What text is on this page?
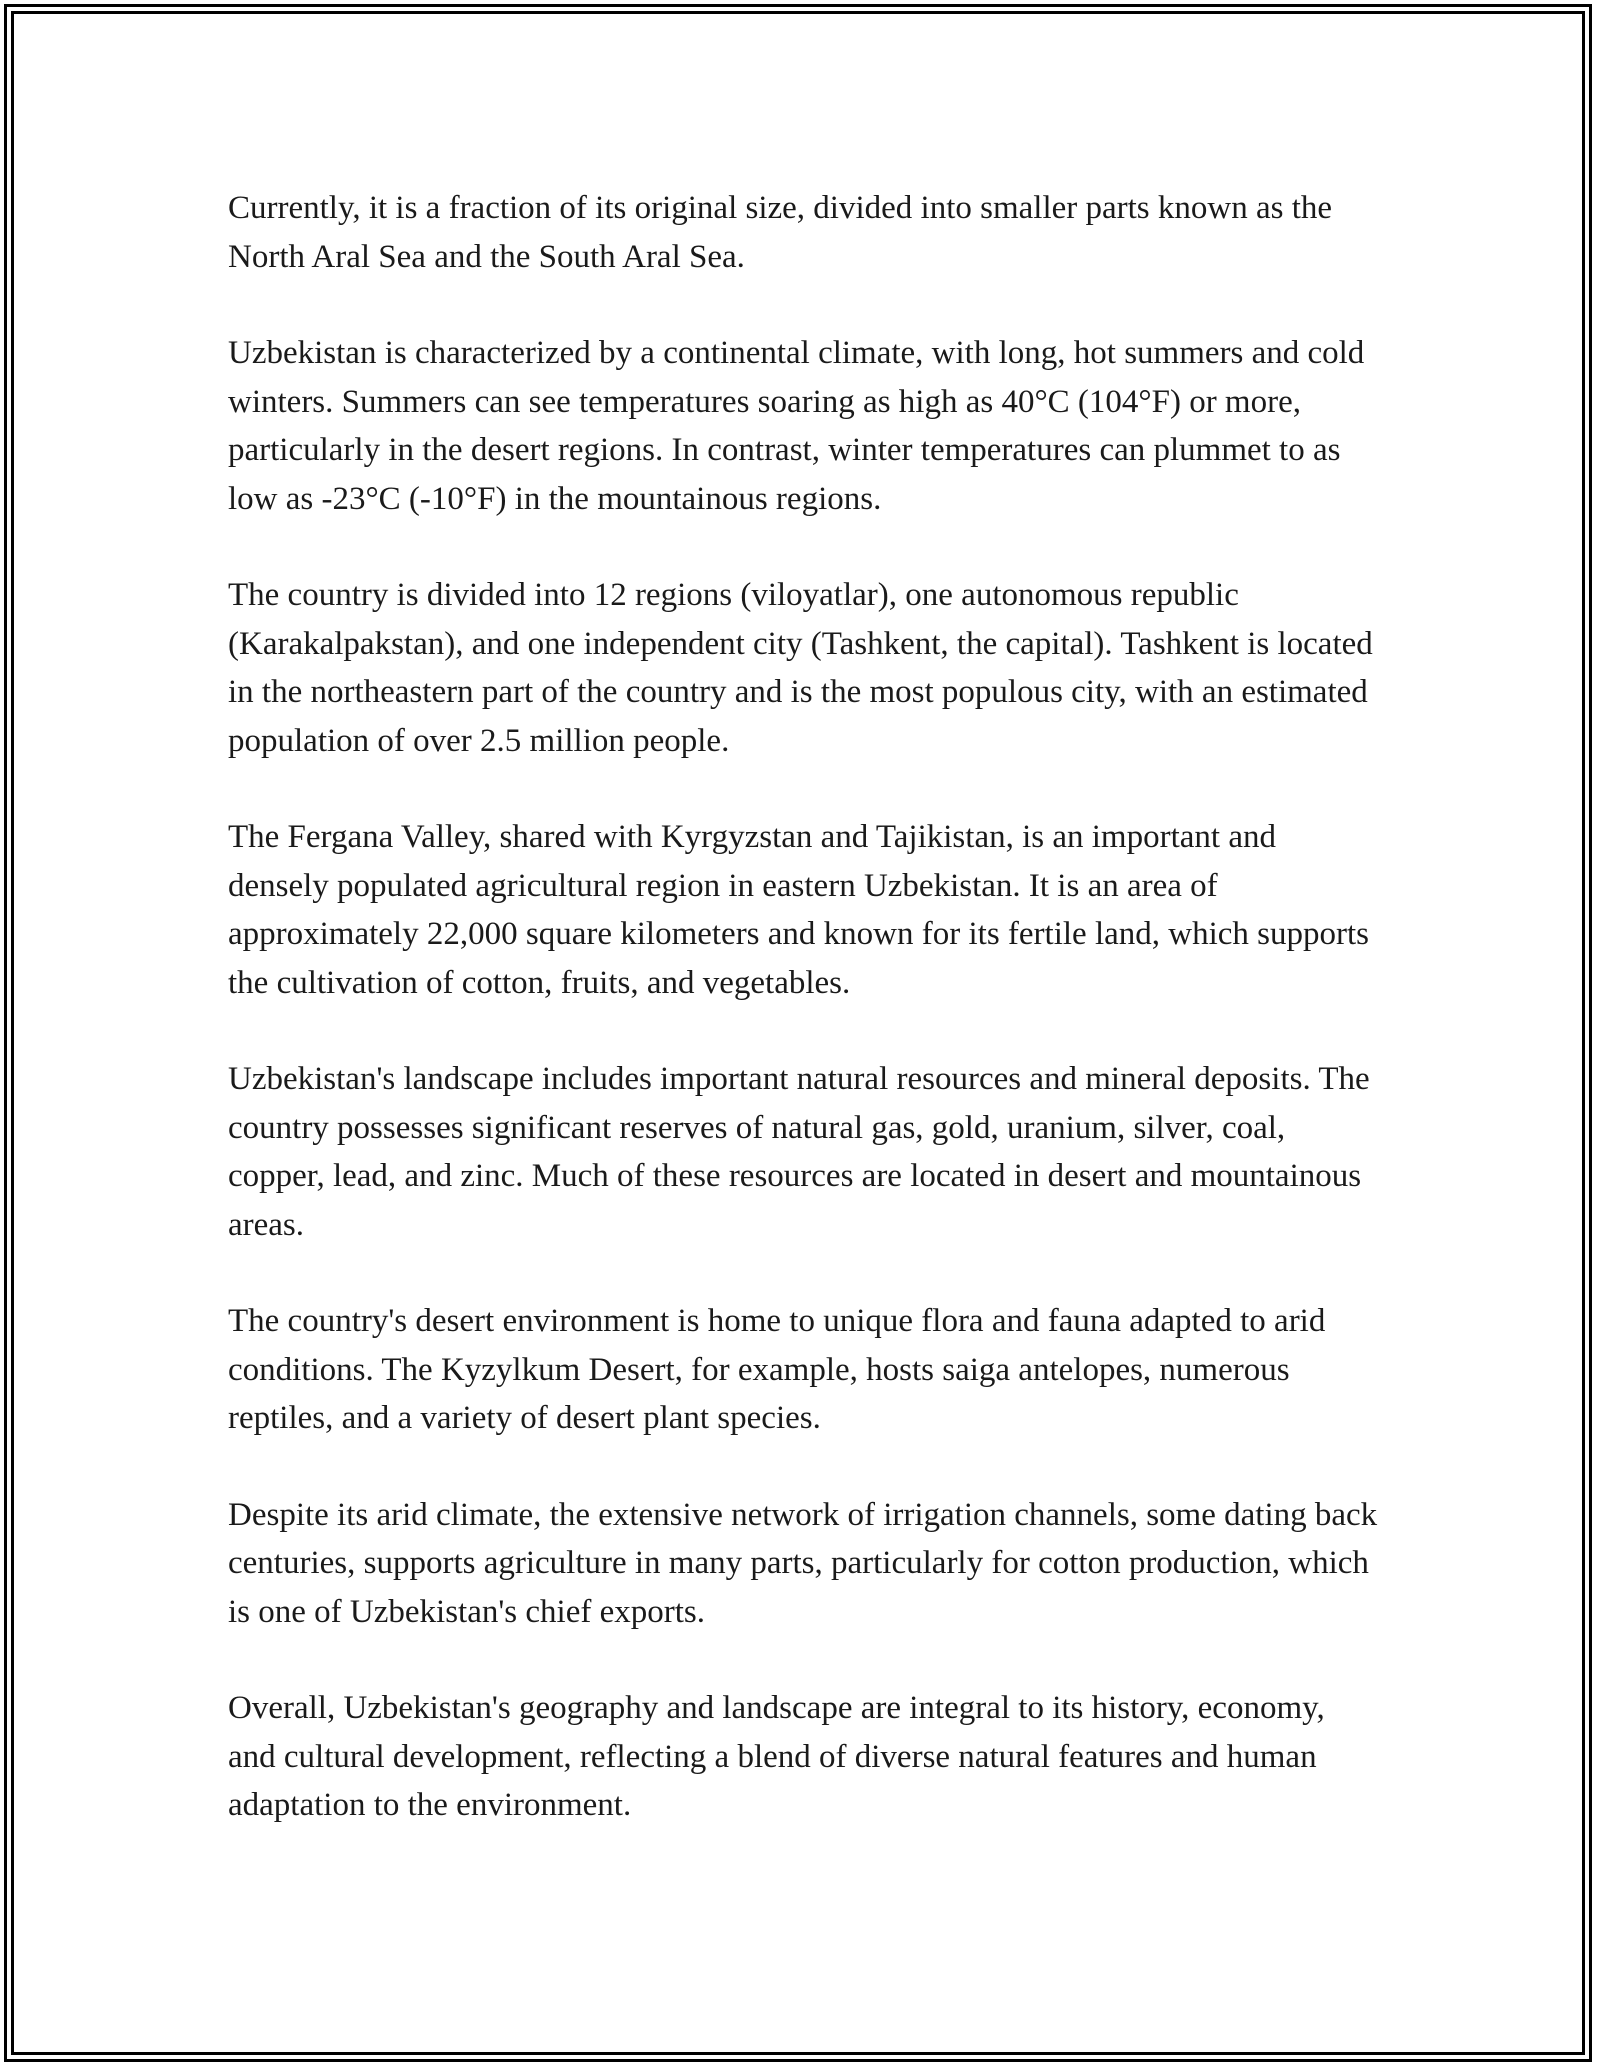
Currently, it is a fraction of its original size, divided into smaller parts known as the North Aral Sea and the South Aral Sea.

Uzbekistan is characterized by a continental climate, with long, hot summers and cold winters. Summers can see temperatures soaring as high as 40°C (104°F) or more, particularly in the desert regions. In contrast, winter temperatures can plummet to as low as -23°C (-10°F) in the mountainous regions.

The country is divided into 12 regions (viloyatlar), one autonomous republic (Karakalpakstan), and one independent city (Tashkent, the capital). Tashkent is located in the northeastern part of the country and is the most populous city, with an estimated population of over 2.5 million people.

The Fergana Valley, shared with Kyrgyzstan and Tajikistan, is an important and densely populated agricultural region in eastern Uzbekistan. It is an area of approximately 22,000 square kilometers and known for its fertile land, which supports the cultivation of cotton, fruits, and vegetables.

Uzbekistan's landscape includes important natural resources and mineral deposits. The country possesses significant reserves of natural gas, gold, uranium, silver, coal, copper, lead, and zinc. Much of these resources are located in desert and mountainous areas.

The country's desert environment is home to unique flora and fauna adapted to arid conditions. The Kyzylkum Desert, for example, hosts saiga antelopes, numerous reptiles, and a variety of desert plant species.

Despite its arid climate, the extensive network of irrigation channels, some dating back centuries, supports agriculture in many parts, particularly for cotton production, which is one of Uzbekistan's chief exports.

Overall, Uzbekistan's geography and landscape are integral to its history, economy, and cultural development, reflecting a blend of diverse natural features and human adaptation to the environment.
